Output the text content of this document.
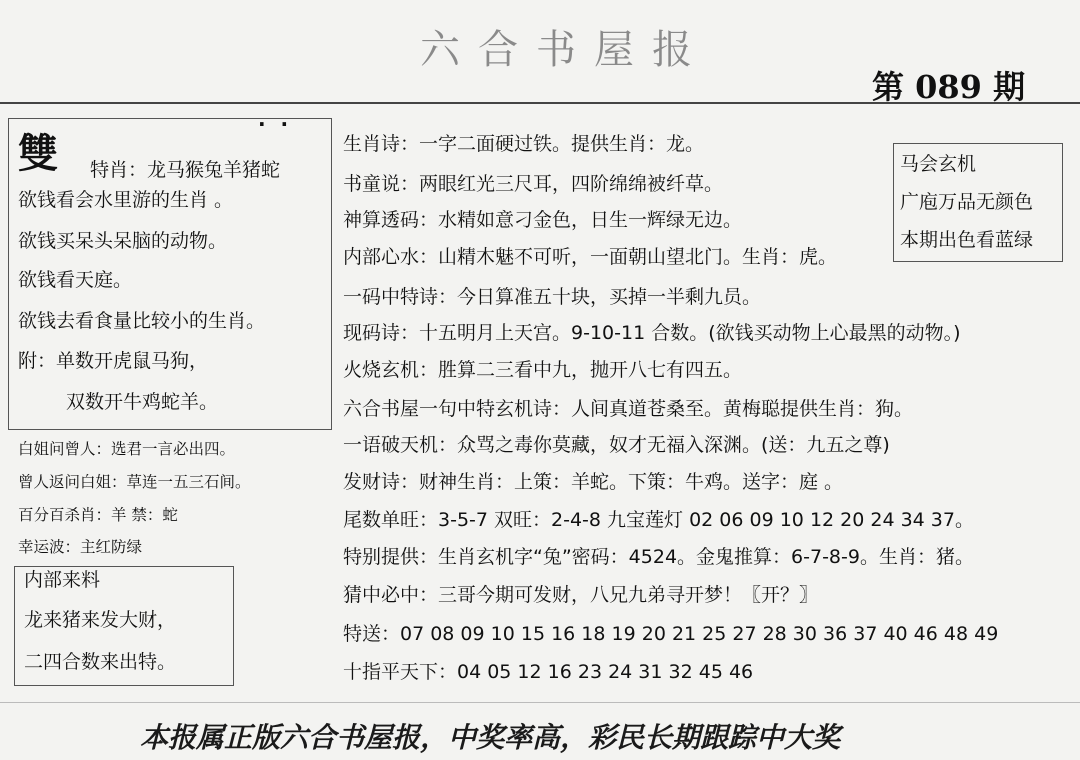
六合书屋报
第 089 期
· ·
雙 特肖：龙马猴兔羊猪蛇
欲钱看会水里游的生肖 。
欲钱买呆头呆脑的动物。
欲钱看天庭。
欲钱去看食量比较小的生肖。
附：单数开虎鼠马狗，
双数开牛鸡蛇羊。
白姐问曾人：选君一言必出四。
曾人返问白姐：草连一五三石间。
百分百杀肖：羊 禁：蛇
幸运波：主红防绿
内部来料
龙来猪来发大财，
二四合数来出特。
生肖诗：一字二面硬过铁。提供生肖：龙。
书童说：两眼红光三尺耳，四阶绵绵被纤草。
神算透码：水精如意刁金色，日生一辉绿无边。
内部心水：山精木魅不可听，一面朝山望北门。生肖：虎。
一码中特诗：今日算准五十块，买掉一半剩九员。
现码诗：十五明月上天宫。9-10-11 合数。(欲钱买动物上心最黑的动物。)
火烧玄机：胜算二三看中九，抛开八七有四五。
六合书屋一句中特玄机诗：人间真道苍桑至。黄梅聪提供生肖：狗。
一语破天机：众骂之毒你莫藏，奴才无福入深渊。(送：九五之尊)
发财诗：财神生肖：上策：羊蛇。下策：牛鸡。送字：庭 。
尾数单旺：3-5-7 双旺：2-4-8 九宝莲灯 02 06 09 10 12 20 24 34 37。
特别提供：生肖玄机字“兔”密码：4524。金鬼推算：6-7-8-9。生肖：猪。
猜中必中：三哥今期可发财，八兄九弟寻开梦！〖开？〗
特送：07 08 09 10 15 16 18 19 20 21 25 27 28 30 36 37 40 46 48 49
十指平天下：04 05 12 16 23 24 31 32 45 46
马会玄机
广庖万品无颜色
本期出色看蓝绿
本报属正版六合书屋报，中奖率高，彩民长期跟踪中大奖
